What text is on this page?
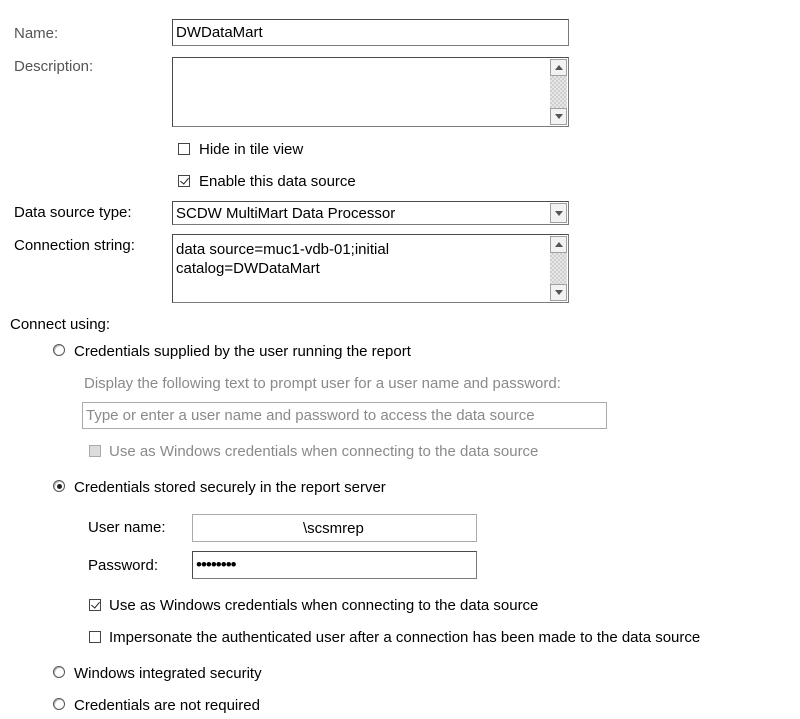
Name:	DWDataMart
Description:
Hide in tile view
Enable this data source
Data source type:	SCDW MultiMart Data Processor
Connection string:	data source=muc1-vdb-01;initial
catalog=DWDataMart
Connect using:
Credentials supplied by the user running the report
Display the following text to prompt user for a user name and password:
Type or enter a user name and password to access the data source
Use as Windows credentials when connecting to the data source
Credentials stored securely in the report server
User name:	\scsmrep
Password: ••••••••
Use as Windows credentials when connecting to the data source
Impersonate the authenticated user after a connection has been made to the data source
Windows integrated security
Credentials are not required
